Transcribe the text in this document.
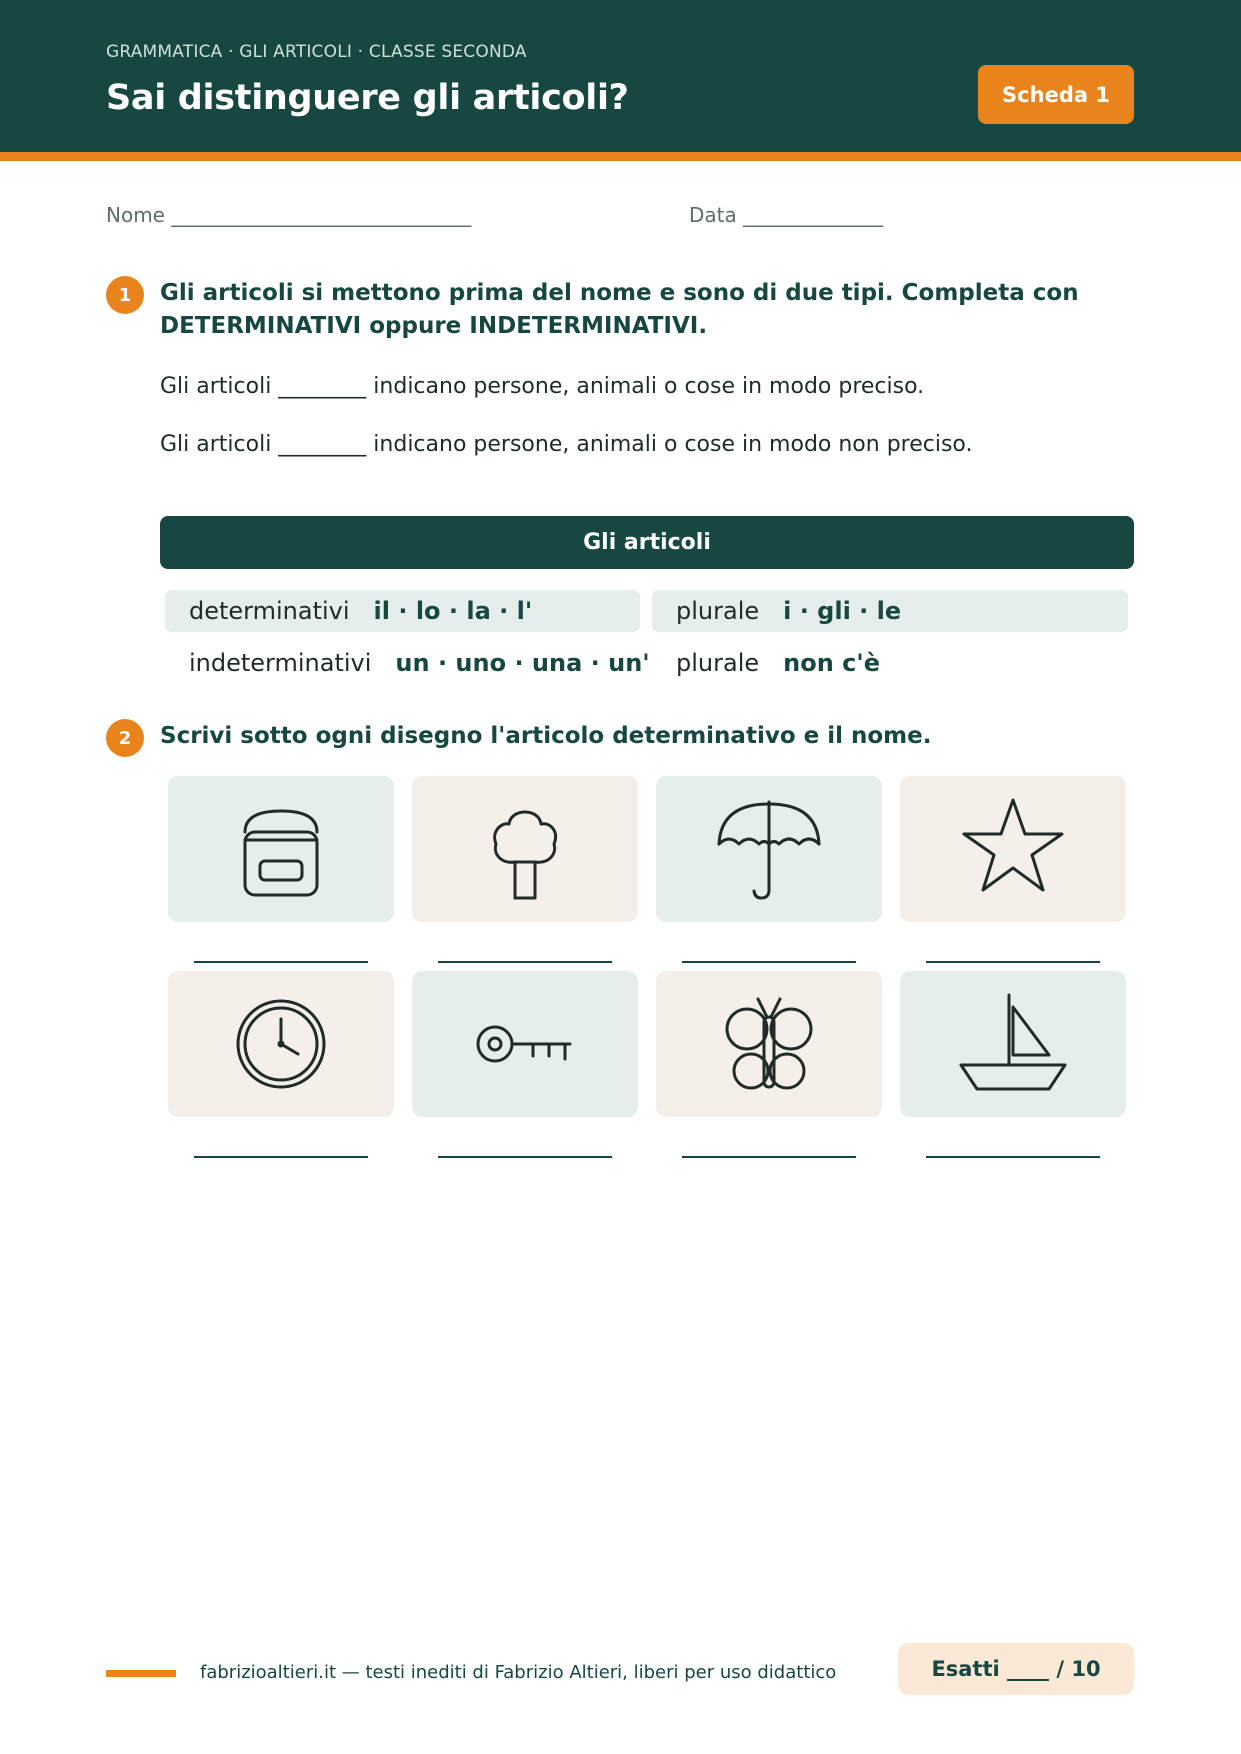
GRAMMATICA · GLI ARTICOLI · CLASSE SECONDA
Sai distinguere gli articoli?	Scheda 1
Nome ______________________________	Data ______________
1	Gli articoli si mettono prima del nome e sono di due tipi. Completa con DETERMINATIVI oppure INDETERMINATIVI.
Gli articoli ________ indicano persone, animali o cose in modo preciso.
Gli articoli ________ indicano persone, animali o cose in modo non preciso.
Gli articoli
determinativi il · lo · la · l'	plurale i · gli · le
indeterminativi un · uno · una · un' plurale non c'è
2	Scrivi sotto ogni disegno l'articolo determinativo e il nome.
fabrizioaltieri.it — testi inediti di Fabrizio Altieri, liberi per uso didattico	Esatti ____ / 10
